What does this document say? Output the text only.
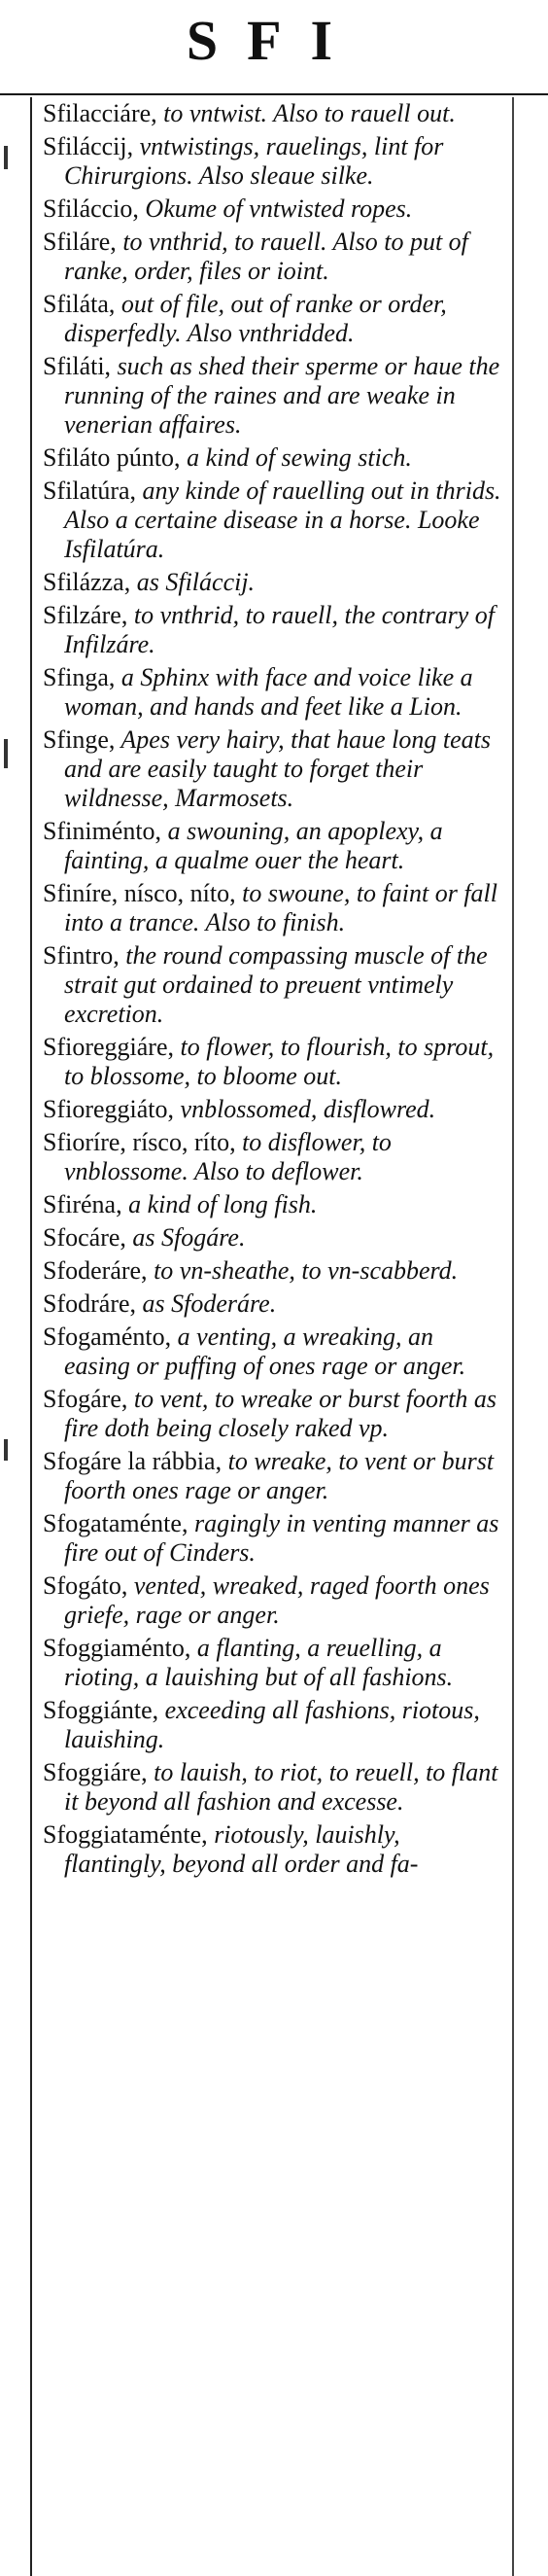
SFI
Sfilacciáre, to vntwist. Also to rauell out.
Sfiláccij, vntwistings, rauelings, lint for Chirurgions. Also sleaue silke.
Sfiláccio, Okume of vntwisted ropes.
Sfiláre, to vnthrid, to rauell. Also to put of ranke, order, files or ioint.
Sfiláta, out of file, out of ranke or order, disperfedly. Also vnthridded.
Sfiláti, such as shed their sperme or haue the running of the raines and are weake in venerian affaires.
Sfiláto púnto, a kind of sewing stich.
Sfilatúra, any kinde of rauelling out in thrids. Also a certaine disease in a horse. Looke Isfilatúra.
Sfilázza, as Sfiláccij.
Sfilzáre, to vnthrid, to rauell, the contrary of Infilzáre.
Sfinga, a Sphinx with face and voice like a woman, and hands and feet like a Lion.
Sfinge, Apes very hairy, that haue long teats and are easily taught to forget their wildnesse, Marmosets.
Sfiniménto, a swouning, an apoplexy, a fainting, a qualme ouer the heart.
Sfiníre, nísco, níto, to swoune, to faint or fall into a trance. Also to finish.
Sfintro, the round compassing muscle of the strait gut ordained to preuent vntimely excretion.
Sfioreggiáre, to flower, to flourish, to sprout, to blossome, to bloome out.
Sfioreggiáto, vnblossomed, disflowred.
Sfioríre, rísco, ríto, to disflower, to vnblossome. Also to deflower.
Sfiréna, a kind of long fish.
Sfocáre, as Sfogáre.
Sfoderáre, to vn-sheathe, to vn-scabberd.
Sfodráre, as Sfoderáre.
Sfogaménto, a venting, a wreaking, an easing or puffing of ones rage or anger.
Sfogáre, to vent, to wreake or burst foorth as fire doth being closely raked vp.
Sfogáre la rábbia, to wreake, to vent or burst foorth ones rage or anger.
Sfogataménte, ragingly in venting manner as fire out of Cinders.
Sfogáto, vented, wreaked, raged foorth ones griefe, rage or anger.
Sfoggiaménto, a flanting, a reuelling, a rioting, a lauishing but of all fashions.
Sfoggiánte, exceeding all fashions, riotous, lauishing.
Sfoggiáre, to lauish, to riot, to reuell, to flant it beyond all fashion and excesse.
Sfoggiataménte, riotously, lauishly, flantingly, beyond all order and fa-
